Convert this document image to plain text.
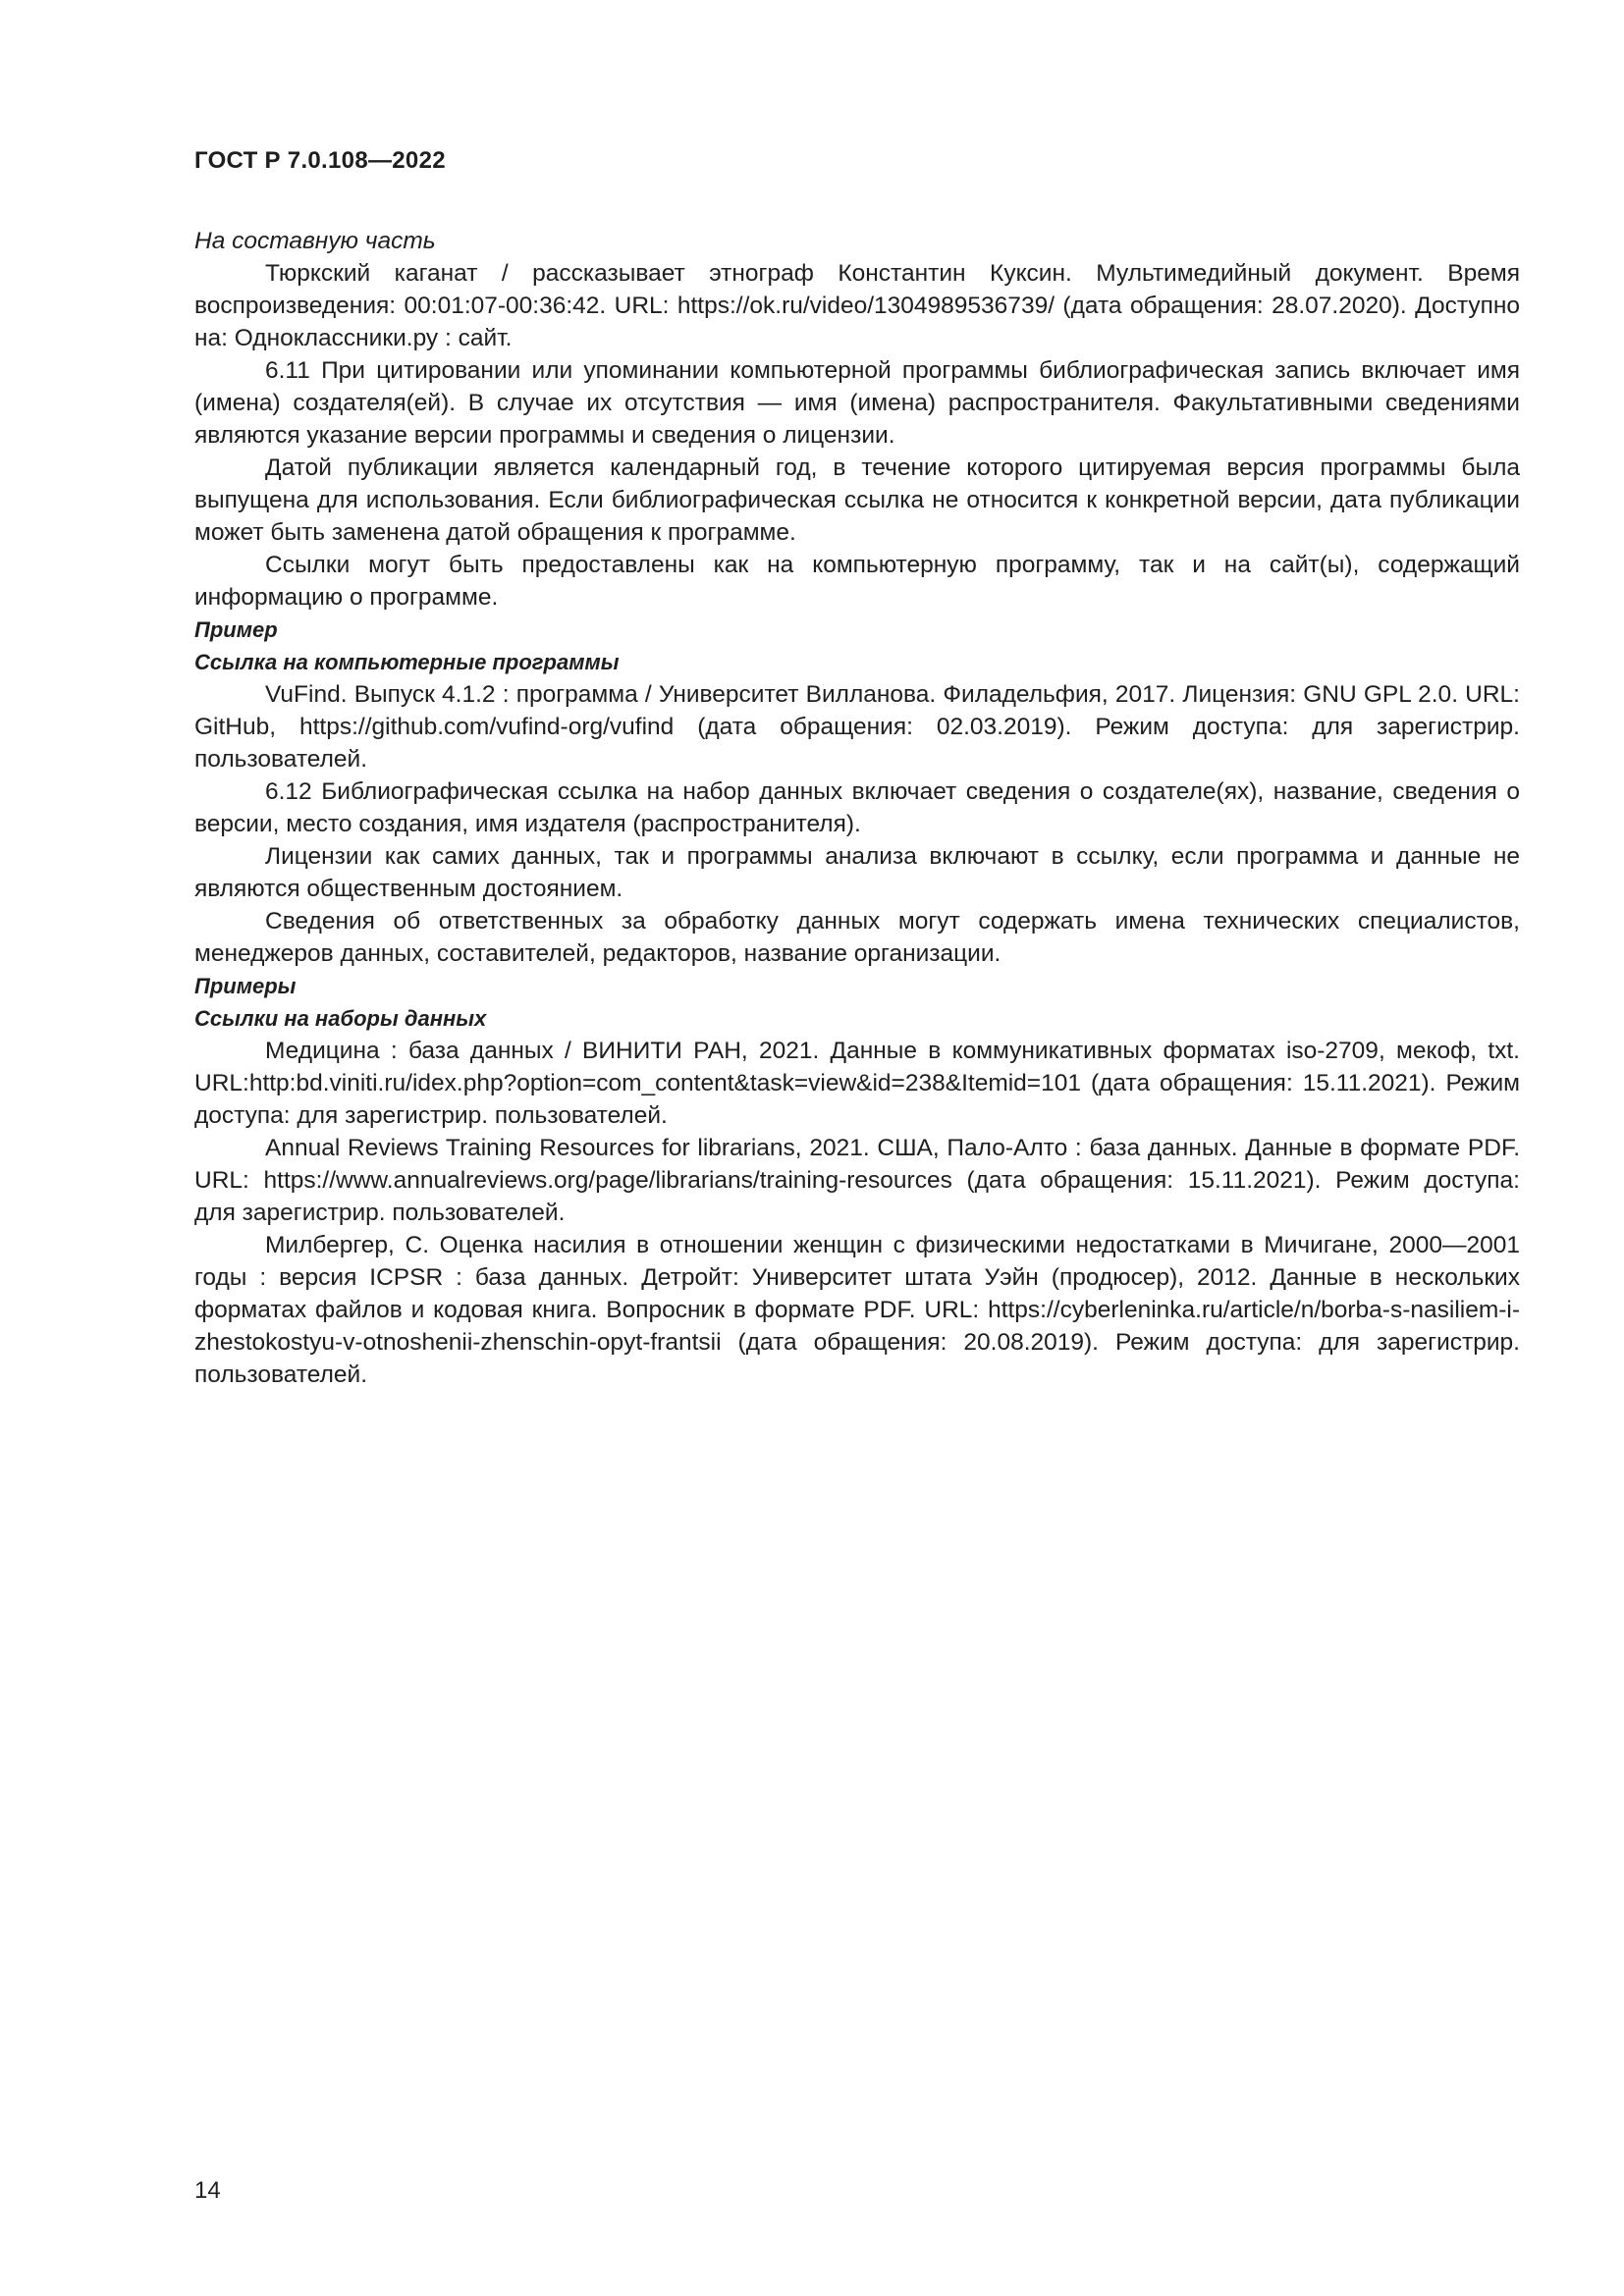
ГОСТ Р 7.0.108—2022

На составную часть

Тюркский каганат / рассказывает этнограф Константин Куксин. Мультимедийный документ. Время воспроизведения: 00:01:07-00:36:42. URL: https://ok.ru/video/1304989536739/ (дата обращения: 28.07.2020). Доступно на: Одноклассники.ру : сайт.

6.11 При цитировании или упоминании компьютерной программы библиографическая запись включает имя (имена) создателя(ей). В случае их отсутствия — имя (имена) распространителя. Факультативными сведениями являются указание версии программы и сведения о лицензии.

Датой публикации является календарный год, в течение которого цитируемая версия программы была выпущена для использования. Если библиографическая ссылка не относится к конкретной версии, дата публикации может быть заменена датой обращения к программе.

Ссылки могут быть предоставлены как на компьютерную программу, так и на сайт(ы), содержащий информацию о программе.

Пример

Ссылка на компьютерные программы

VuFind. Выпуск 4.1.2 : программа / Университет Вилланова. Филадельфия, 2017. Лицензия: GNU GPL 2.0. URL: GitHub, https://github.com/vufind-org/vufind (дата обращения: 02.03.2019). Режим доступа: для зарегистрир. пользователей.

6.12 Библиографическая ссылка на набор данных включает сведения о создателе(ях), название, сведения о версии, место создания, имя издателя (распространителя).

Лицензии как самих данных, так и программы анализа включают в ссылку, если программа и данные не являются общественным достоянием.

Сведения об ответственных за обработку данных могут содержать имена технических специалистов, менеджеров данных, составителей, редакторов, название организации.

Примеры

Ссылки на наборы данных

Медицина : база данных / ВИНИТИ РАН, 2021. Данные в коммуникативных форматах iso-2709, мекоф, txt. URL:http:bd.viniti.ru/idex.php?option=com_content&task=view&id=238&Itemid=101 (дата обращения: 15.11.2021). Режим доступа: для зарегистрир. пользователей.

Annual Reviews Training Resources for librarians, 2021. США, Пало-Алто : база данных. Данные в формате PDF. URL: https://www.annualreviews.org/page/librarians/training-resources (дата обращения: 15.11.2021). Режим доступа: для зарегистрир. пользователей.

Милбергер, С. Оценка насилия в отношении женщин с физическими недостатками в Мичигане, 2000—2001 годы : версия ICPSR : база данных. Детройт: Университет штата Уэйн (продюсер), 2012. Данные в нескольких форматах файлов и кодовая книга. Вопросник в формате PDF. URL: https://cyberleninka.ru/article/n/borba-s-nasiliem-i-zhestokostyu-v-otnoshenii-zhenschin-opyt-frantsii (дата обращения: 20.08.2019). Режим доступа: для зарегистрир. пользователей.

14
